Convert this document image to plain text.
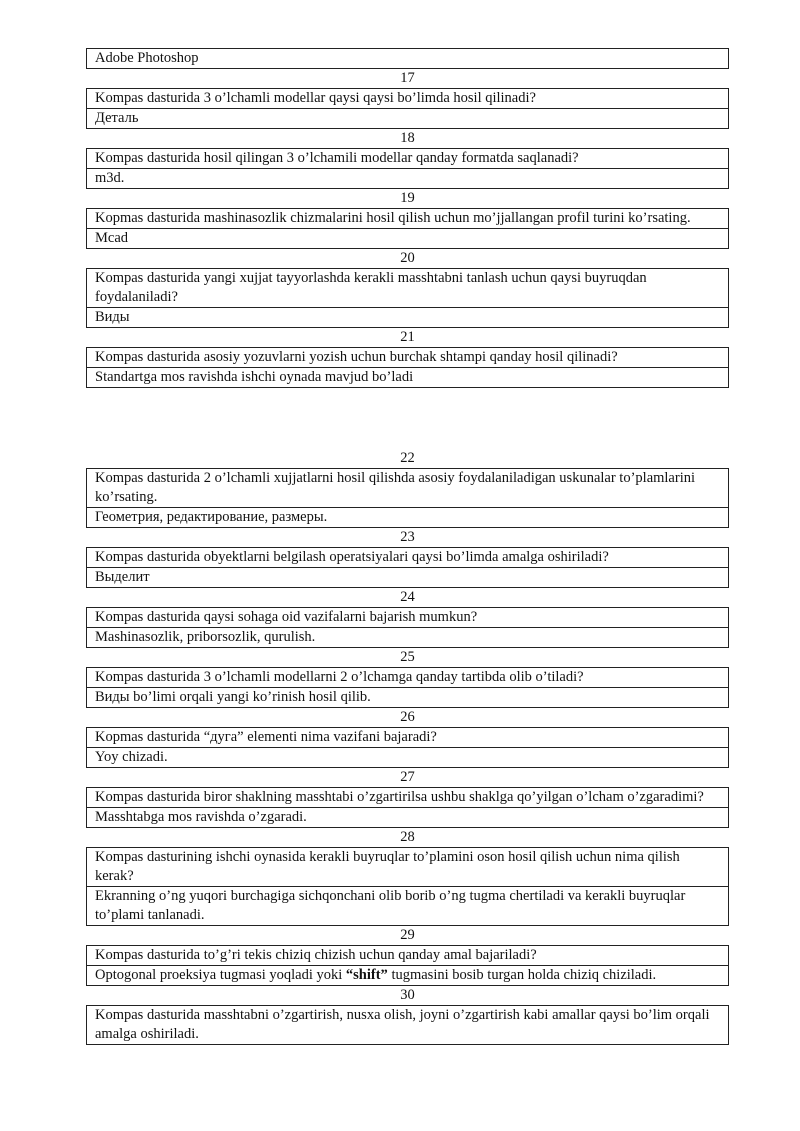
Adobe Photoshop
17
Kompas dasturida 3 o’lchamli modellar qaysi qaysi bo’limda hosil qilinadi?
Деталь
18
Kompas dasturida hosil qilingan 3 o’lchamili modellar qanday formatda saqlanadi?
m3d.
19
Kopmas dasturida mashinasozlik chizmalarini hosil qilish uchun mo’jjallangan profil turini ko’rsating.
Mcad
20
Kompas dasturida yangi xujjat tayyorlashda kerakli masshtabni tanlash uchun qaysi buyruqdan foydalaniladi?
Виды
21
Kompas dasturida asosiy yozuvlarni yozish uchun burchak shtampi qanday hosil qilinadi?
Standartga mos ravishda ishchi oynada mavjud bo’ladi
22
Kompas dasturida 2 o’lchamli xujjatlarni hosil qilishda asosiy foydalaniladigan uskunalar to’plamlarini ko’rsating.
Геометрия, редактирование, размеры.
23
Kompas dasturida obyektlarni belgilash operatsiyalari qaysi bo’limda amalga oshiriladi?
Выделит
24
Kompas dasturida qaysi sohaga oid vazifalarni bajarish mumkun?
Mashinasozlik, priborsozlik, qurulish.
25
Kompas dasturida 3 o’lchamli modellarni 2 o’lchamga qanday tartibda olib o’tiladi?
Виды bo’limi orqali yangi ko’rinish hosil qilib.
26
Kopmas dasturida “дуга” elementi nima vazifani bajaradi?
Yoy chizadi.
27
Kompas dasturida biror shaklning masshtabi o’zgartirilsa ushbu shaklga qo’yilgan o’lcham o’zgaradimi?
Masshtabga mos ravishda o’zgaradi.
28
Kompas dasturining ishchi oynasida kerakli buyruqlar to’plamini oson hosil qilish uchun nima qilish kerak?
Ekranning o’ng yuqori burchagiga sichqonchani olib borib o’ng tugma chertiladi va kerakli buyruqlar to’plami tanlanadi.
29
Kompas dasturida to’g’ri tekis chiziq chizish uchun qanday amal bajariladi?
Optogonal proeksiya tugmasi yoqladi yoki “shift” tugmasini bosib turgan holda chiziq chiziladi.
30
Kompas dasturida masshtabni o’zgartirish, nusxa olish, joyni o’zgartirish kabi amallar qaysi bo’lim orqali amalga oshiriladi.
